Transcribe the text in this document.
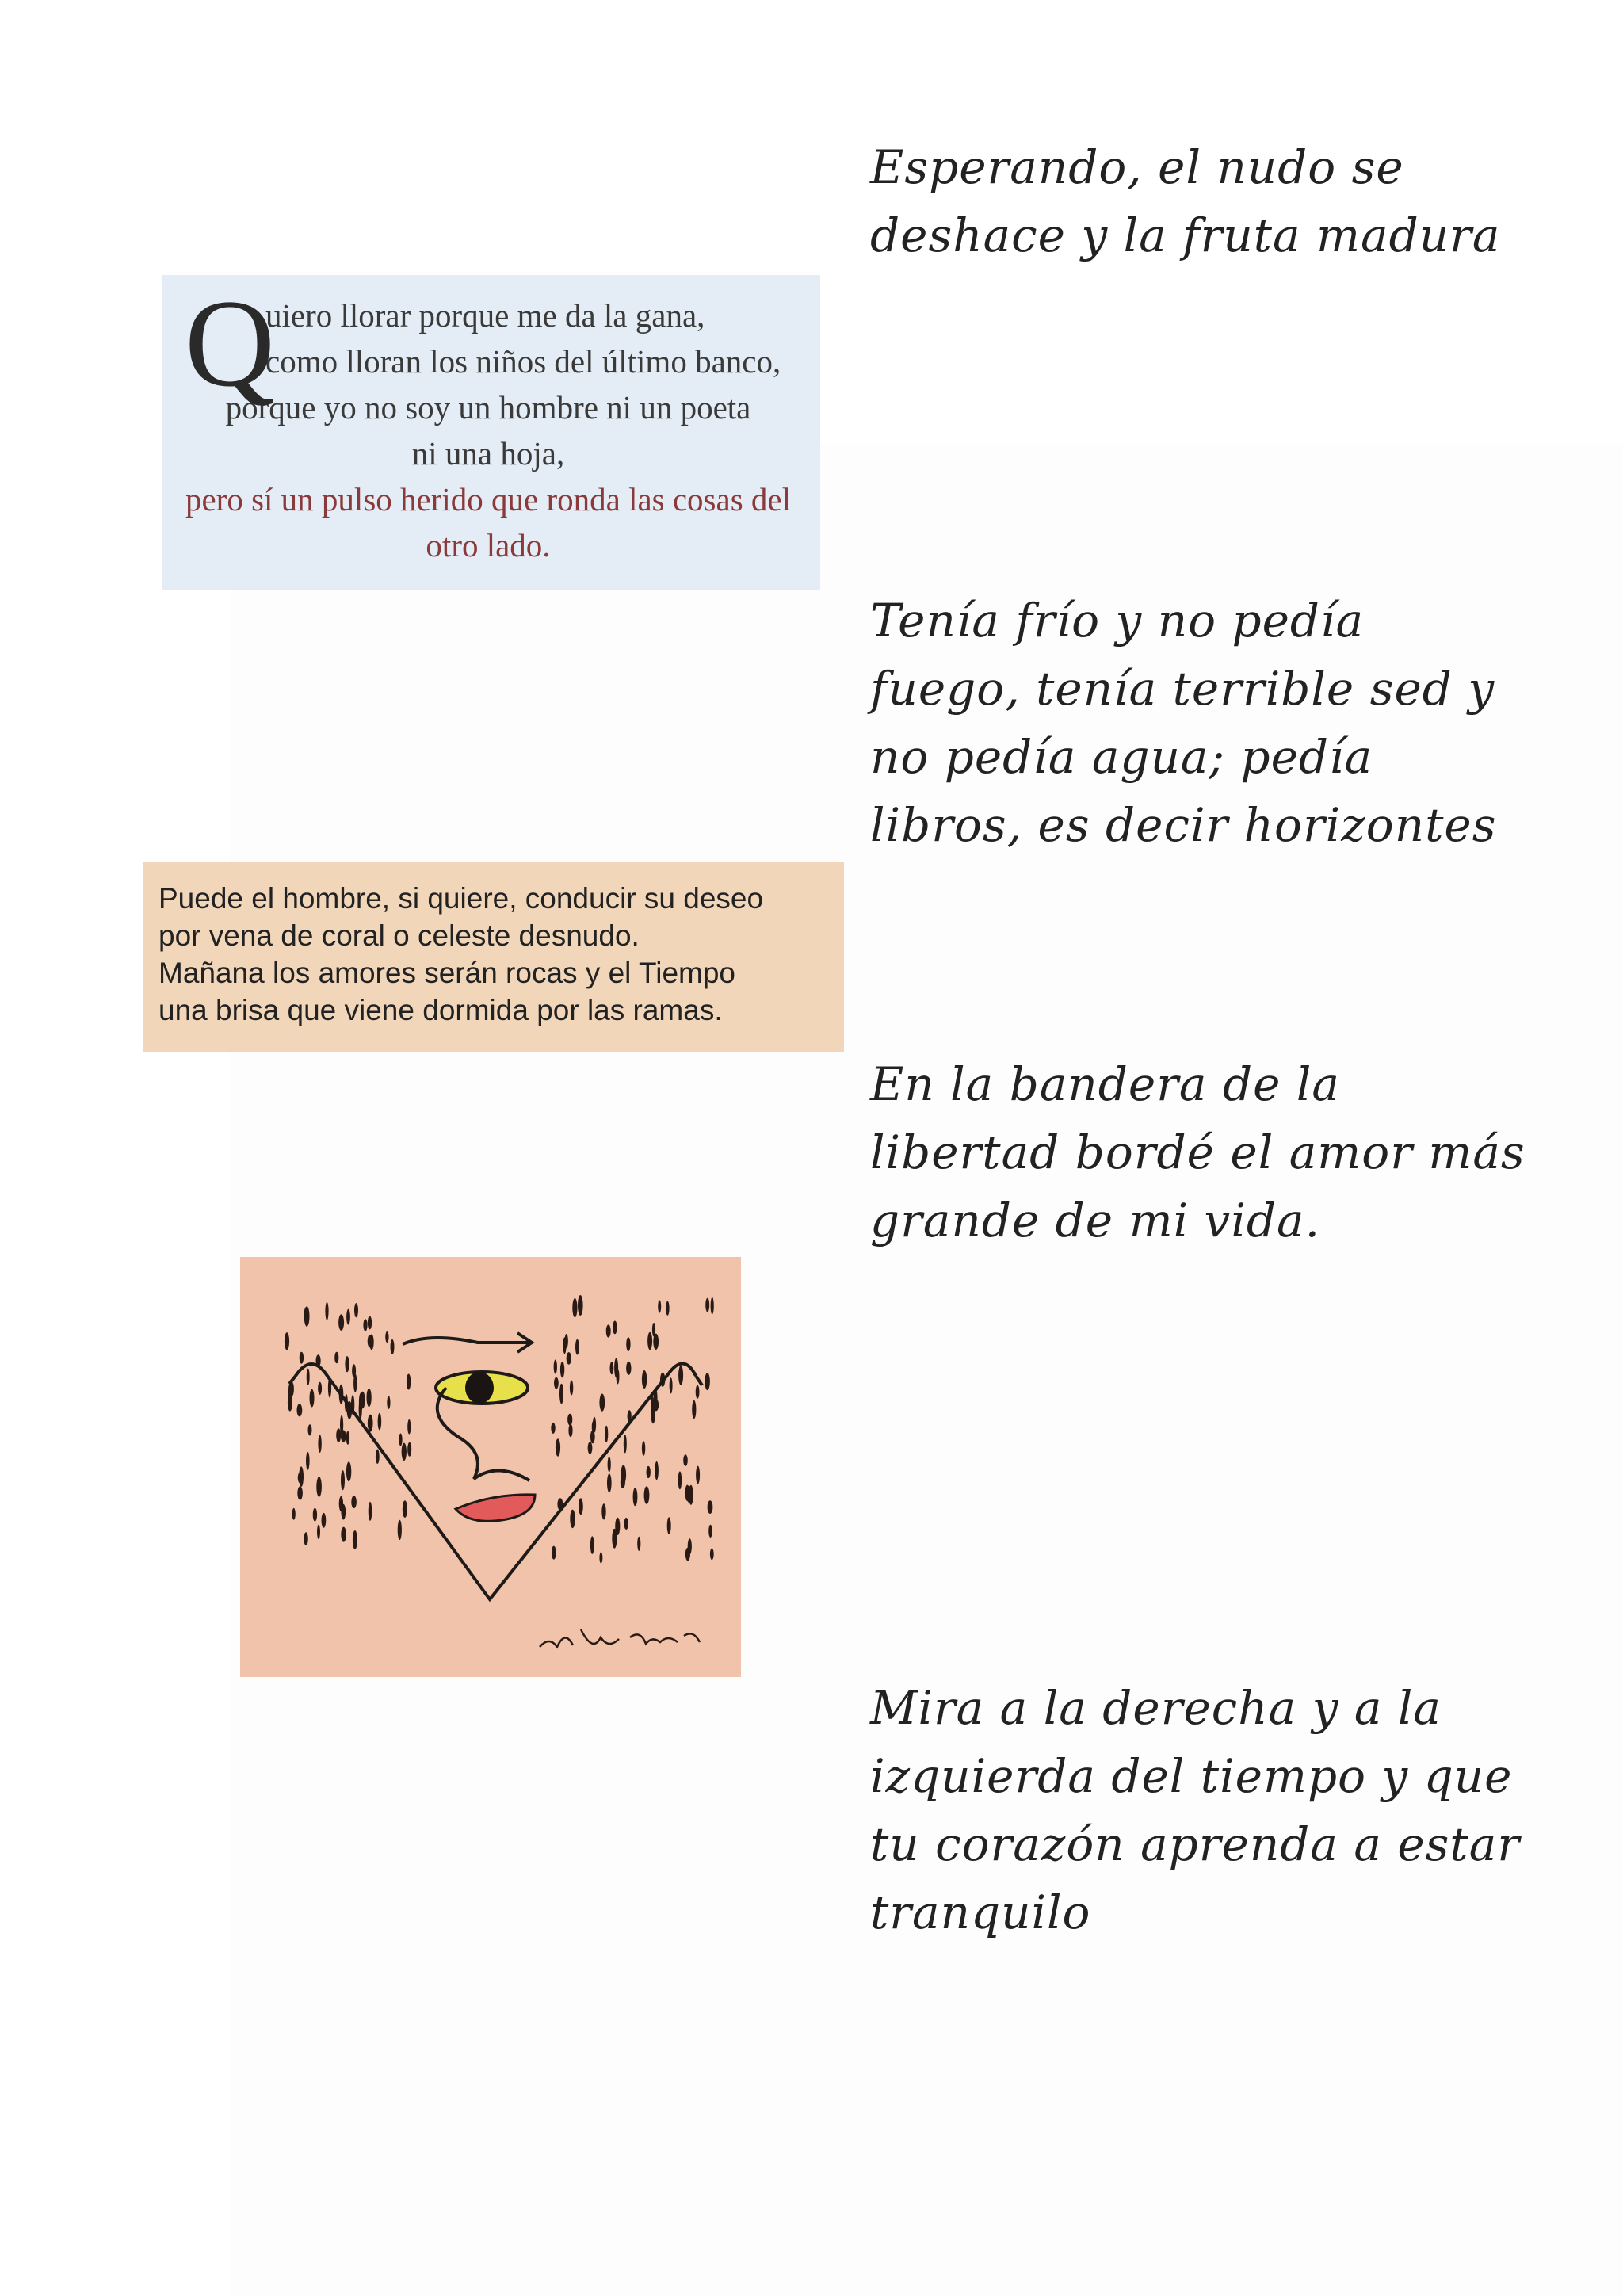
Esperando, el nudo se
deshace y la fruta madura

Tenía frío y no pedía
fuego, tenía terrible sed y
no pedía agua; pedía
libros, es decir horizontes

En la bandera de la
libertad bordé el amor más
grande de mi vida.

Mira a la derecha y a la
izquierda del tiempo y que
tu corazón aprenda a estar
tranquilo

Q
uiero llorar porque me da la gana,
como lloran los niños del último banco,
porque yo no soy un hombre ni un poeta
ni una hoja,
pero sí un pulso herido que ronda las cosas del
otro lado.
Puede el hombre, si quiere, conducir su deseo
por vena de coral o celeste desnudo.
Mañana los amores serán rocas y el Tiempo
una brisa que viene dormida por las ramas.
